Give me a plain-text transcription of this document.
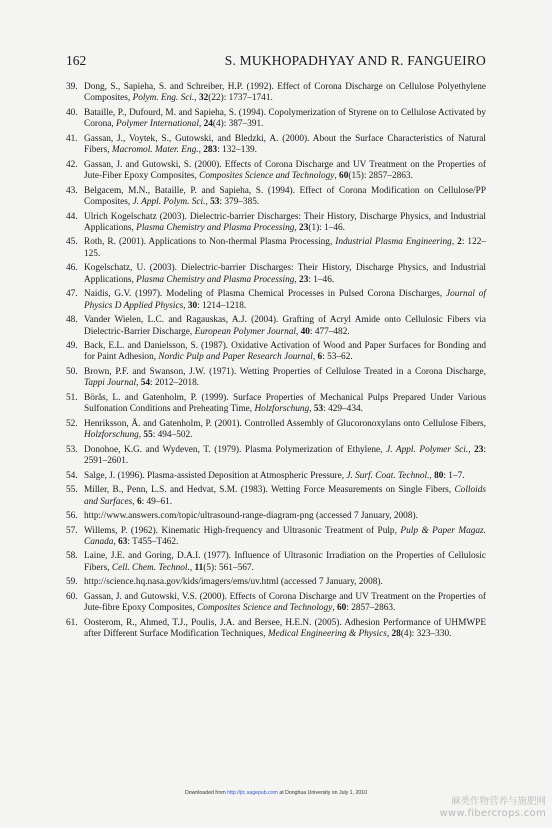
162	S. MUKHOPADHYAY AND R. FANGUEIRO
39. Dong, S., Sapieha, S. and Schreiber, H.P. (1992). Effect of Corona Discharge on Cellulose Polyethylene Composites, Polym. Eng. Sci., 32(22): 1737–1741.
40. Bataille, P., Dufourd, M. and Sapieha, S. (1994). Copolymerization of Styrene on to Cellulose Activated by Corona, Polymer International, 24(4): 387–391.
41. Gassan, J., Voytek, S., Gutowski, and Bledzki, A. (2000). About the Surface Characteristics of Natural Fibers, Macromol. Mater. Eng., 283: 132–139.
42. Gassan, J. and Gutowski, S. (2000). Effects of Corona Discharge and UV Treatment on the Properties of Jute-Fiber Epoxy Composites, Composites Science and Technology, 60(15): 2857–2863.
43. Belgacem, M.N., Bataille, P. and Sapieha, S. (1994). Effect of Corona Modification on Cellulose/PP Composites, J. Appl. Polym. Sci., 53: 379–385.
44. Ulrich Kogelschatz (2003). Dielectric-barrier Discharges: Their History, Discharge Physics, and Industrial Applications, Plasma Chemistry and Plasma Processing, 23(1): 1–46.
45. Roth, R. (2001). Applications to Non-thermal Plasma Processing, Industrial Plasma Engineering, 2: 122–125.
46. Kogelschatz, U. (2003). Dielectric-barrier Discharges: Their History, Discharge Physics, and Industrial Applications, Plasma Chemistry and Plasma Processing, 23: 1–46.
47. Naidis, G.V. (1997). Modeling of Plasma Chemical Processes in Pulsed Corona Discharges, Journal of Physics D Applied Physics, 30: 1214–1218.
48. Vander Wielen, L.C. and Ragauskas, A.J. (2004). Grafting of Acryl Amide onto Cellulosic Fibers via Dielectric-Barrier Discharge, European Polymer Journal, 40: 477–482.
49. Back, E.L. and Danielsson, S. (1987). Oxidative Activation of Wood and Paper Surfaces for Bonding and for Paint Adhesion, Nordic Pulp and Paper Research Journal, 6: 53–62.
50. Brown, P.F. and Swanson, J.W. (1971). Wetting Properties of Cellulose Treated in a Corona Discharge, Tappi Journal, 54: 2012–2018.
51. Börås, L. and Gatenholm, P. (1999). Surface Properties of Mechanical Pulps Prepared Under Various Sulfonation Conditions and Preheating Time, Holzforschung, 53: 429–434.
52. Henriksson, Å. and Gatenholm, P. (2001). Controlled Assembly of Glucoronoxylans onto Cellulose Fibers, Holzforschung, 55: 494–502.
53. Donohoe, K.G. and Wydeven, T. (1979). Plasma Polymerization of Ethylene, J. Appl. Polymer Sci., 23: 2591–2601.
54. Salge, J. (1996). Plasma-assisted Deposition at Atmospheric Pressure, J. Surf. Coat. Technol., 80: 1–7.
55. Miller, B., Penn, L.S. and Hedvat, S.M. (1983). Wetting Force Measurements on Single Fibers, Colloids and Surfaces, 6: 49–61.
56. http://www.answers.com/topic/ultrasound-range-diagram-png (accessed 7 January, 2008).
57. Willems, P. (1962). Kinematic High-frequency and Ultrasonic Treatment of Pulp, Pulp & Paper Magaz. Canada, 63: T455–T462.
58. Laine, J.E. and Goring, D.A.I. (1977). Influence of Ultrasonic Irradiation on the Properties of Cellulosic Fibers, Cell. Chem. Technol., 11(5): 561–567.
59. http://science.hq.nasa.gov/kids/imagers/ems/uv.html (accessed 7 January, 2008).
60. Gassan, J. and Gutowski, V.S. (2000). Effects of Corona Discharge and UV Treatment on the Properties of Jute-fibre Epoxy Composites, Composites Science and Technology, 60: 2857–2863.
61. Oosterom, R., Ahmed, T.J., Poulis, J.A. and Bersee, H.E.N. (2005). Adhesion Performance of UHMWPE after Different Surface Modification Techniques, Medical Engineering & Physics, 28(4): 323–330.
Downloaded from http://jtc.sagepub.com at Donghua University on July 1, 2010
麻类作物营养与施肥网
www.fibercrops.com
